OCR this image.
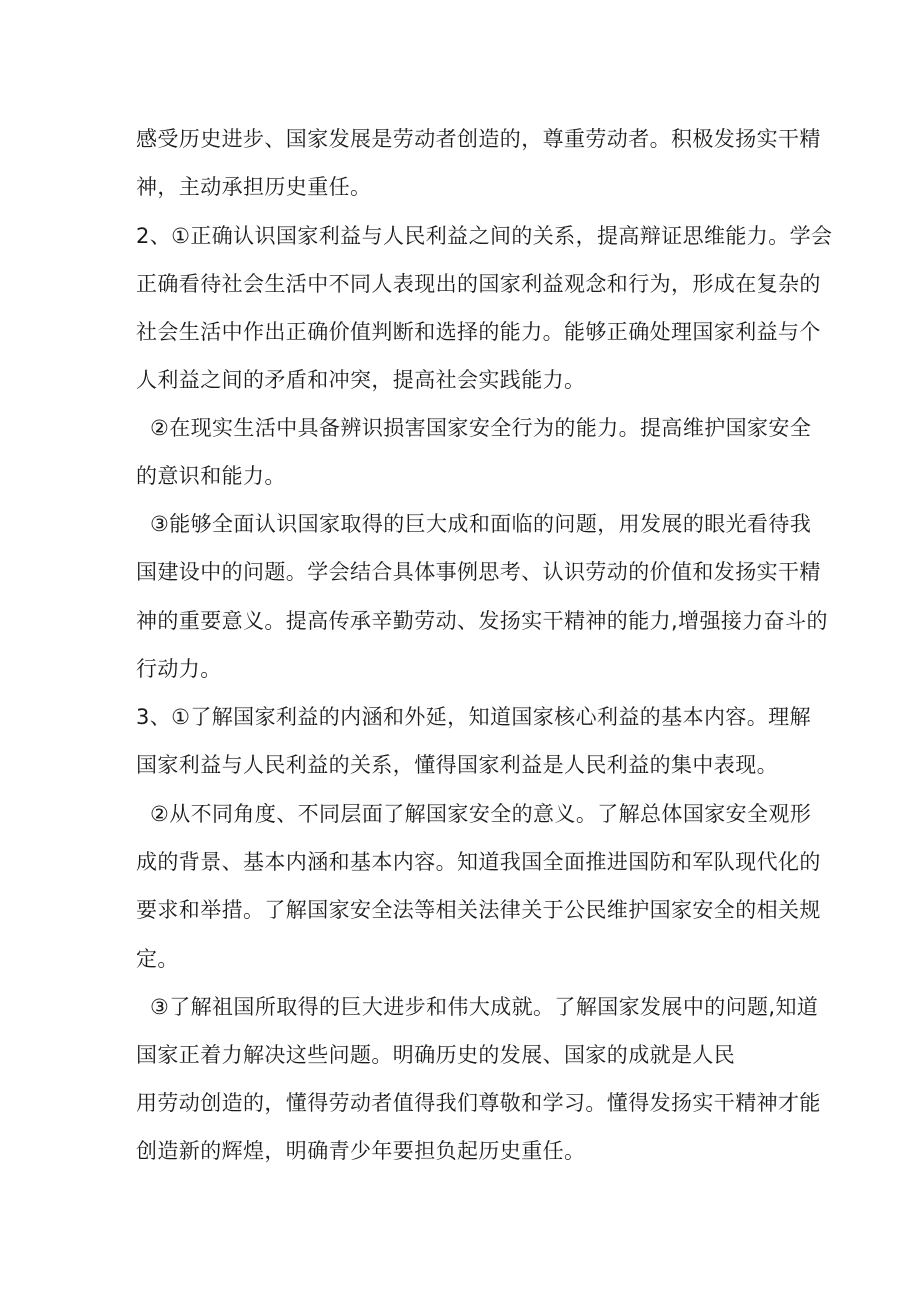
感受历史进步、国家发展是劳动者创造的，尊重劳动者。积极发扬实干精
神，主动承担历史重任。
2、①正确认识国家利益与人民利益之间的关系，提高辩证思维能力。学会
正确看待社会生活中不同人表现出的国家利益观念和行为，形成在复杂的
社会生活中作出正确价值判断和选择的能力。能够正确处理国家利益与个
人利益之间的矛盾和冲突，提高社会实践能力。
②在现实生活中具备辨识损害国家安全行为的能力。提高维护国家安全
的意识和能力。
③能够全面认识国家取得的巨大成和面临的问题，用发展的眼光看待我
国建设中的问题。学会结合具体事例思考、认识劳动的价值和发扬实干精
神的重要意义。提高传承辛勤劳动、发扬实干精神的能力,增强接力奋斗的
行动力。
3、①了解国家利益的内涵和外延，知道国家核心利益的基本内容。理解
国家利益与人民利益的关系，懂得国家利益是人民利益的集中表现。
②从不同角度、不同层面了解国家安全的意义。了解总体国家安全观形
成的背景、基本内涵和基本内容。知道我国全面推进国防和军队现代化的
要求和举措。了解国家安全法等相关法律关于公民维护国家安全的相关规
定。
③了解祖国所取得的巨大进步和伟大成就。了解国家发展中的问题,知道
国家正着力解决这些问题。明确历史的发展、国家的成就是人民
用劳动创造的，懂得劳动者值得我们尊敬和学习。懂得发扬实干精神才能
创造新的辉煌，明确青少年要担负起历史重任。
